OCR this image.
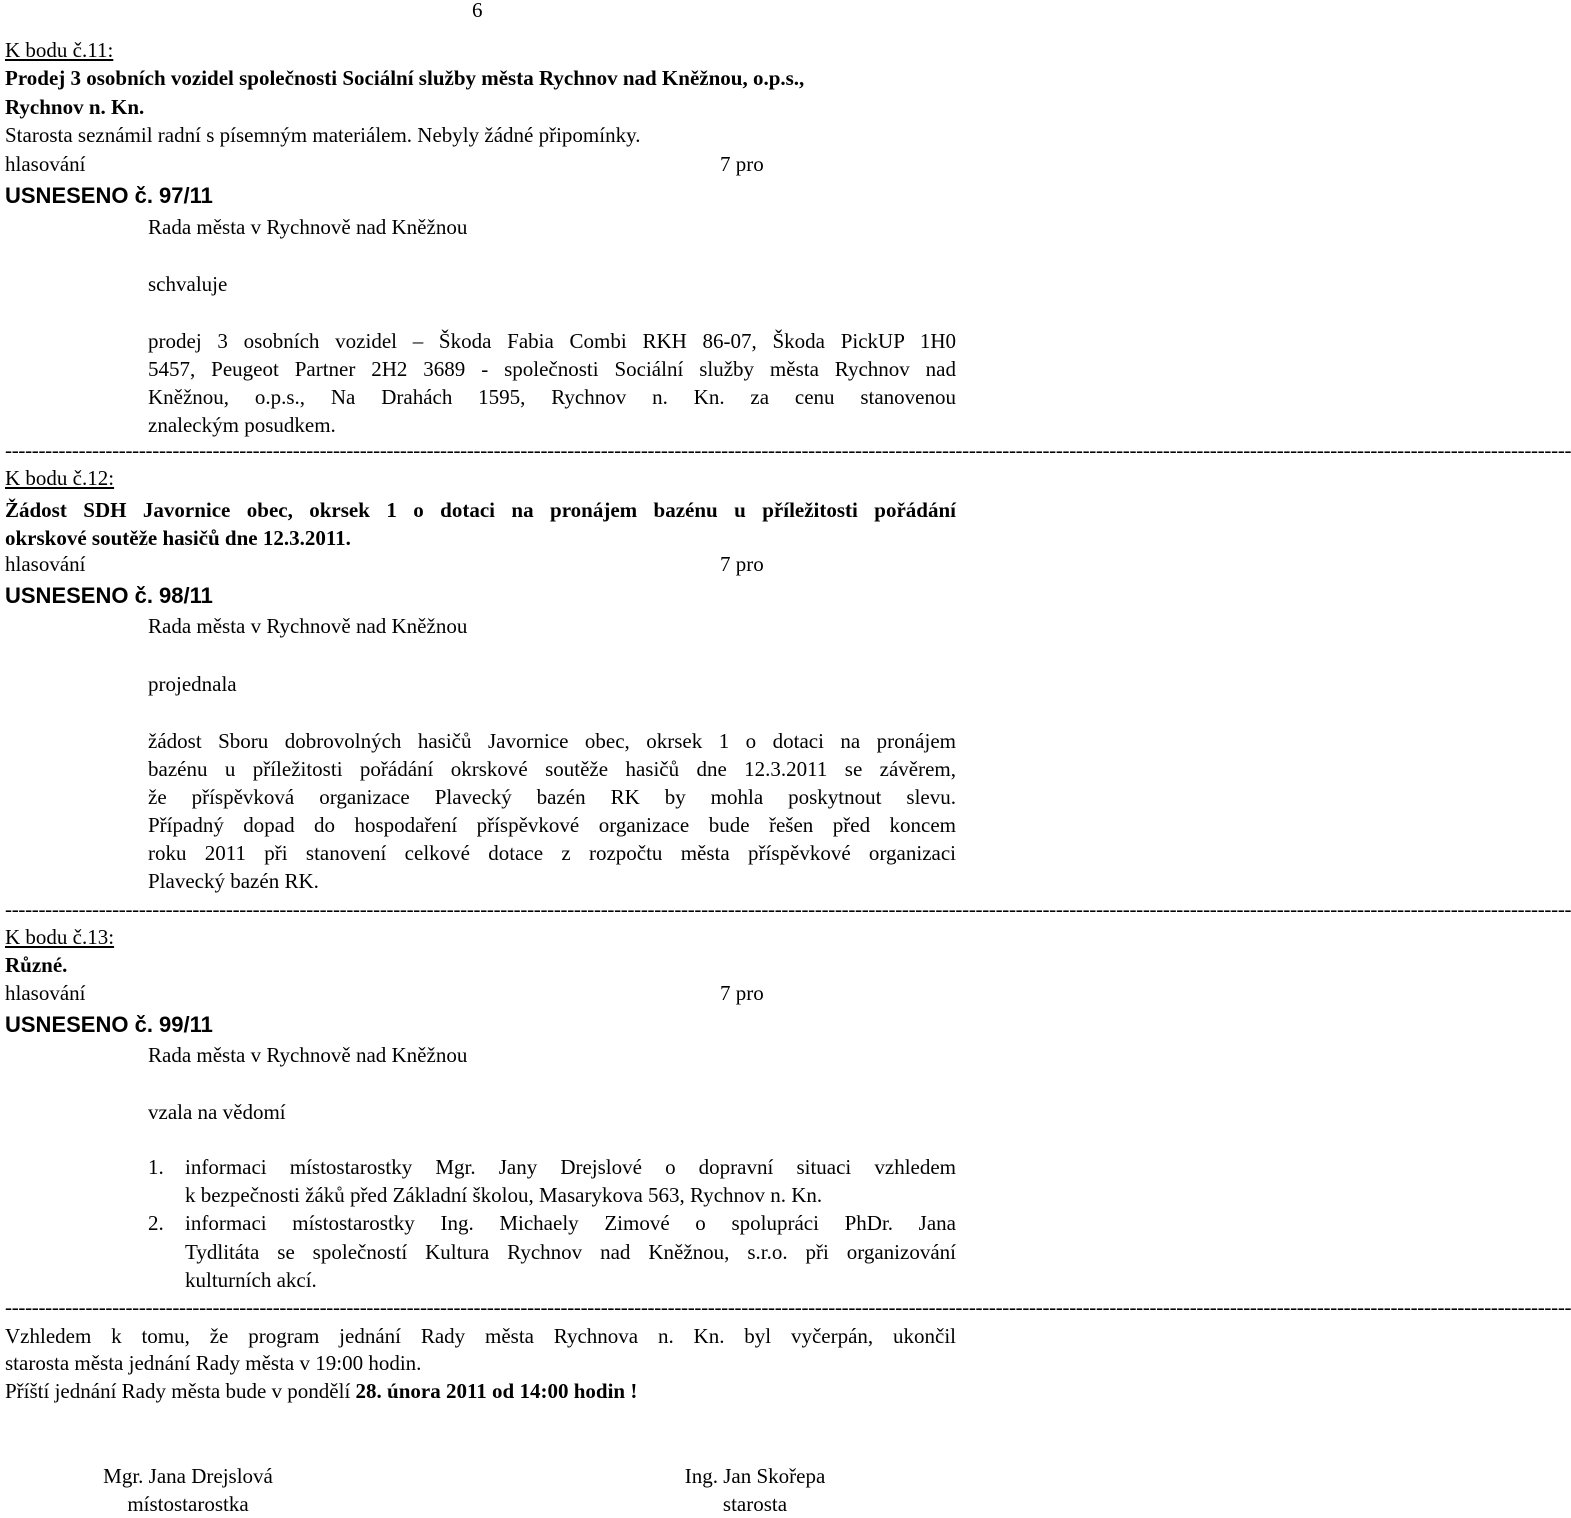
6
K bodu č.11:
Prodej 3 osobních vozidel společnosti Sociální služby města Rychnov nad Kněžnou, o.p.s.,
Rychnov n. Kn.
Starosta seznámil radní s písemným materiálem. Nebyly žádné připomínky.
hlasování	7 pro
USNESENO č. 97/11
Rada města v Rychnově nad Kněžnou
schvaluje
prodej 3 osobních vozidel – Škoda Fabia Combi RKH 86-07, Škoda PickUP 1H0
5457, Peugeot Partner 2H2 3689 - společnosti Sociální služby města Rychnov nad
Kněžnou, o.p.s., Na Drahách 1595, Rychnov n. Kn. za cenu stanovenou
znaleckým posudkem.
------------------------------------------------------------------------------------------------------------------------------------------------------------------------------------------------------------------------------------------
K bodu č.12:
Žádost SDH Javornice obec, okrsek 1 o dotaci na pronájem bazénu u příležitosti pořádání
okrskové soutěže hasičů dne 12.3.2011.
hlasování	7 pro
USNESENO č. 98/11
Rada města v Rychnově nad Kněžnou
projednala
žádost Sboru dobrovolných hasičů Javornice obec, okrsek 1 o dotaci na pronájem
bazénu u příležitosti pořádání okrskové soutěže hasičů dne 12.3.2011 se závěrem,
že příspěvková organizace Plavecký bazén RK by mohla poskytnout slevu.
Případný dopad do hospodaření příspěvkové organizace bude řešen před koncem
roku 2011 při stanovení celkové dotace z rozpočtu města příspěvkové organizaci
Plavecký bazén RK.
------------------------------------------------------------------------------------------------------------------------------------------------------------------------------------------------------------------------------------------
K bodu č.13:
Různé.
hlasování	7 pro
USNESENO č. 99/11
Rada města v Rychnově nad Kněžnou
vzala na vědomí
1. informaci místostarostky Mgr. Jany Drejslové o dopravní situaci vzhledem
k bezpečnosti žáků před Základní školou, Masarykova 563, Rychnov n. Kn.
2. informaci místostarostky Ing. Michaely Zimové o spolupráci PhDr. Jana
Tydlitáta se společností Kultura Rychnov nad Kněžnou, s.r.o. při organizování
kulturních akcí.
------------------------------------------------------------------------------------------------------------------------------------------------------------------------------------------------------------------------------------------
Vzhledem k tomu, že program jednání Rady města Rychnova n. Kn. byl vyčerpán, ukončil
starosta města jednání Rady města v 19:00 hodin.
Příští jednání Rady města bude v pondělí 28. února 2011 od 14:00 hodin !
Mgr. Jana Drejslová
místostarostka
Ing. Jan Skořepa
starosta
